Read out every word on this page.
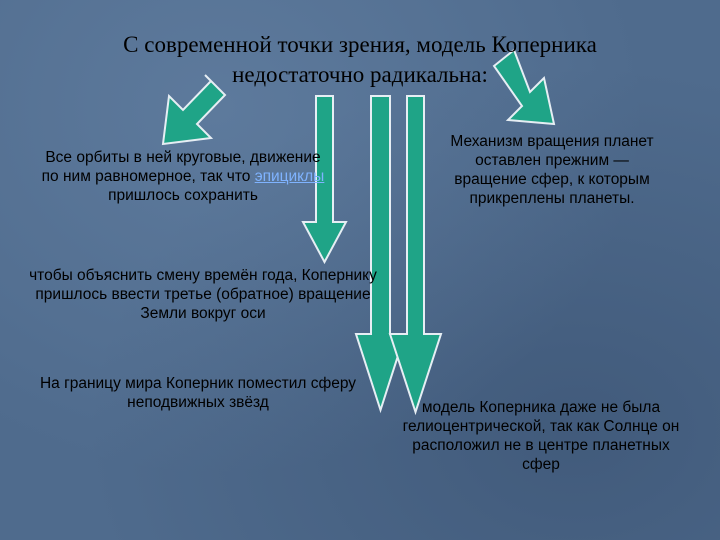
С современной точки зрения, модель Коперника недостаточно радикальна:
Все орбиты в ней круговые, движение по ним равномерное, так что эпициклы пришлось сохранить
Механизм вращения планет оставлен прежним — вращение сфер, к которым прикреплены планеты.
чтобы объяснить смену времён года, Копернику пришлось ввести третье (обратное) вращение Земли вокруг оси
На границу мира Коперник поместил сферу неподвижных звёзд	модель Коперника даже не была гелиоцентрической, так как Солнце он расположил не в центре планетных сфер
